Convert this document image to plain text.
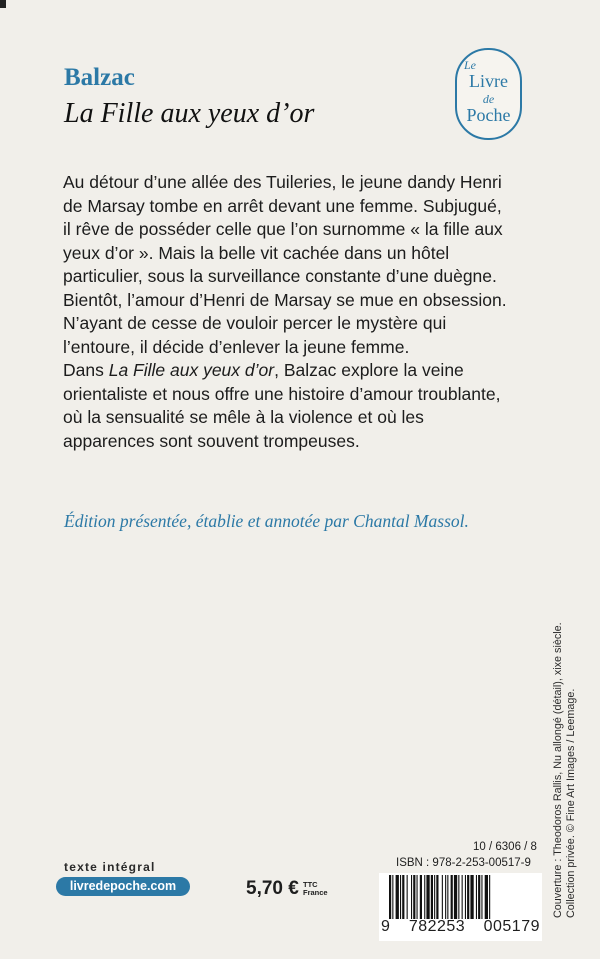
Balzac
La Fille aux yeux d’or
Le
Livre
de
Poche

Au détour d’une allée des Tuileries, le jeune dandy Henri de Marsay tombe en arrêt devant une femme. Subjugué, il rêve de posséder celle que l’on surnomme « la fille aux yeux d’or ». Mais la belle vit cachée dans un hôtel particulier, sous la surveillance constante d’une duègne. Bientôt, l’amour d’Henri de Marsay se mue en obsession. N’ayant de cesse de vouloir percer le mystère qui l’entoure, il décide d’enlever la jeune femme.

Dans La Fille aux yeux d’or, Balzac explore la veine orientaliste et nous offre une histoire d’amour troublante, où la sensualité se mêle à la violence et où les apparences sont souvent trompeuses.

Édition présentée, établie et annotée par Chantal Massol.
Couverture : Theodoros Rallis, Nu allongé (détail), xixe siècle. Collection privée. © Fine Art Images / Leemage.
texte intégral
livredepoche.com	5,70 € TTC
France
10 / 6306 / 8
ISBN : 978-2-253-00517-9
9 782253 005179
